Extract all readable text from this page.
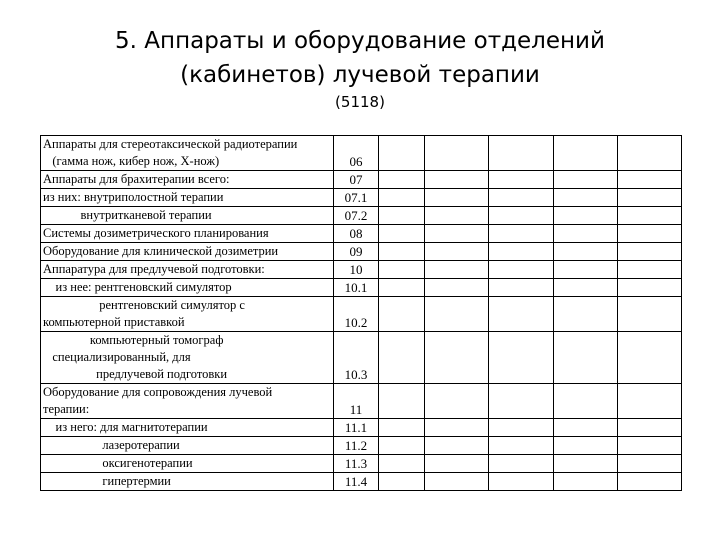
5. Аппараты и оборудование отделений
(кабинетов) лучевой терапии
(5118)
Аппараты для стереотаксической радиотерапии
(гамма нож, кибер нож, Х-нож)	06					

Аппараты для брахитерапии всего:	07					

из них: внутриполостной терапии	07.1					

внутритканевой терапии	07.2					

Системы дозиметрического планирования	08					

Оборудование для клинической дозиметрии	09					

Аппаратура для предлучевой подготовки:	10					

из нее: рентгеновский симулятор	10.1					

рентгеновский симулятор с
компьютерной приставкой	10.2					

компьютерный томограф
специализированный, для
предлучевой подготовки	10.3					

Оборудование для сопровождения лучевой
терапии:	11					

из него: для магнитотерапии	11.1					

лазеротерапии	11.2					

оксигенотерапии	11.3					

гипертермии	11.4					
